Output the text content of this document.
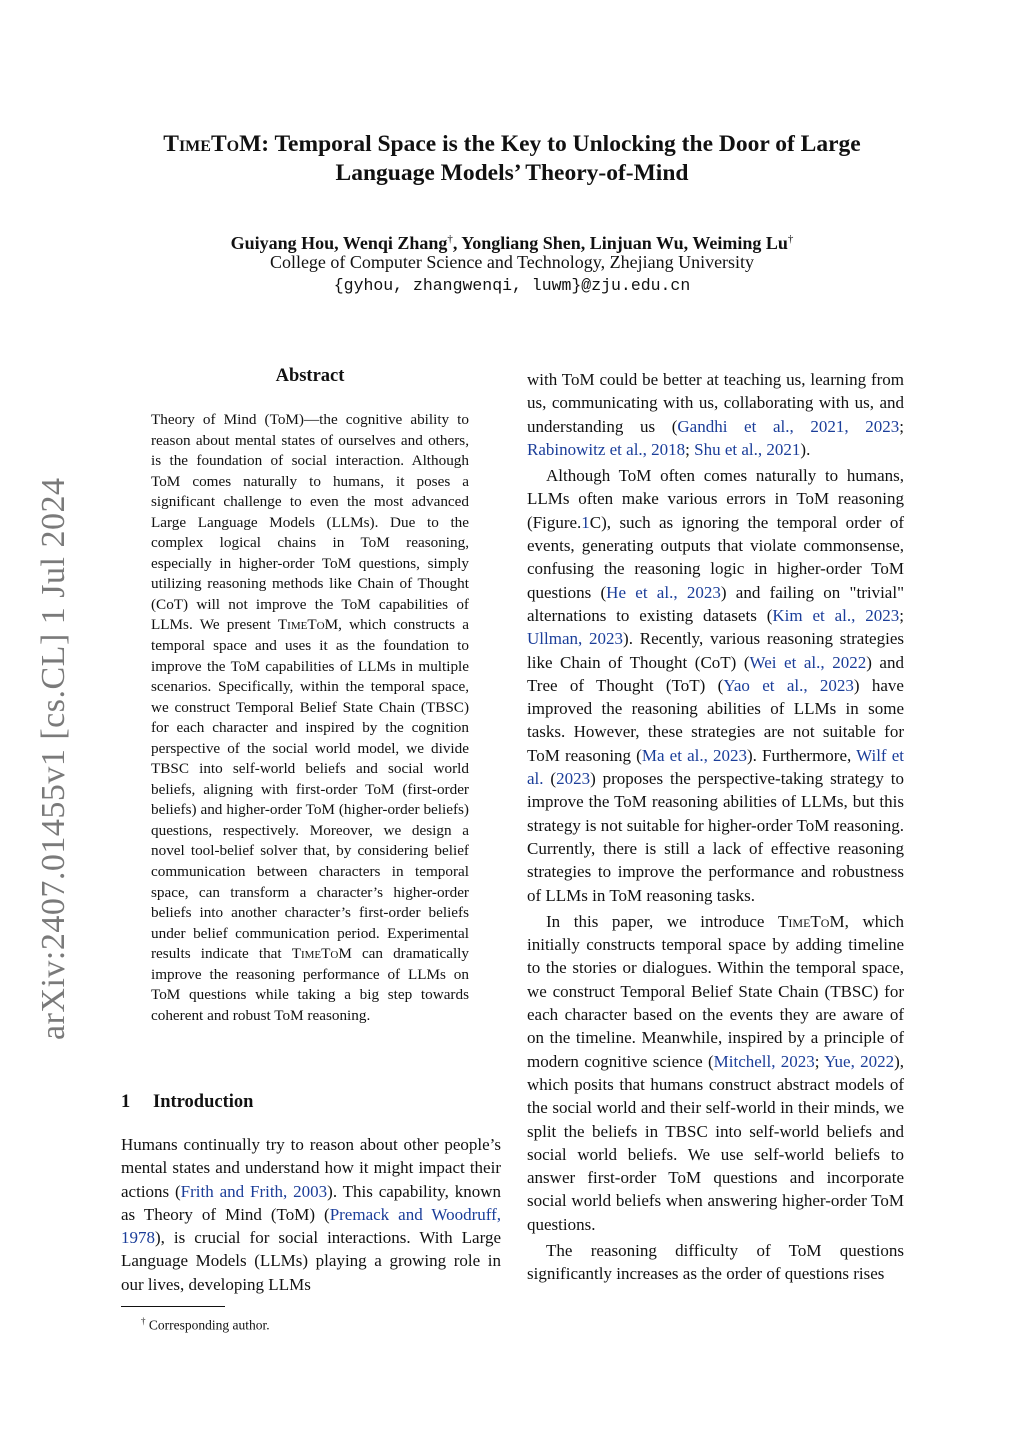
TimeToM: Temporal Space is the Key to Unlocking the Door of Large
Language Models’ Theory-of-Mind
Guiyang Hou, Wenqi Zhang†, Yongliang Shen, Linjuan Wu, Weiming Lu†
College of Computer Science and Technology, Zhejiang University
{gyhou, zhangwenqi, luwm}@zju.edu.cn
arXiv:2407.01455v1 [cs.CL] 1 Jul 2024
Abstract
Theory of Mind (ToM)—the cognitive ability to reason about mental states of ourselves and others, is the foundation of social interaction. Although ToM comes naturally to humans, it poses a significant challenge to even the most advanced Large Language Models (LLMs). Due to the complex logical chains in ToM reasoning, especially in higher-order ToM questions, simply utilizing reasoning methods like Chain of Thought (CoT) will not improve the ToM capabilities of LLMs. We present TimeToM, which constructs a temporal space and uses it as the foundation to improve the ToM capabilities of LLMs in multiple scenarios. Specifically, within the temporal space, we construct Temporal Belief State Chain (TBSC) for each character and inspired by the cognition perspective of the social world model, we divide TBSC into self-world beliefs and social world beliefs, aligning with first-order ToM (first-order beliefs) and higher-order ToM (higher-order beliefs) questions, respectively. Moreover, we design a novel tool-belief solver that, by considering belief communication between characters in temporal space, can transform a character’s higher-order beliefs into another character’s first-order beliefs under belief communication period. Experimental results indicate that TimeToM can dramatically improve the reasoning performance of LLMs on ToM questions while taking a big step towards coherent and robust ToM reasoning.
1 Introduction
Humans continually try to reason about other people’s mental states and understand how it might impact their actions (Frith and Frith, 2003). This capability, known as Theory of Mind (ToM) (Premack and Woodruff, 1978), is crucial for social interactions. With Large Language Models (LLMs) playing a growing role in our lives, developing LLMs
† Corresponding author.

with ToM could be better at teaching us, learning from us, communicating with us, collaborating with us, and understanding us (Gandhi et al., 2021, 2023; Rabinowitz et al., 2018; Shu et al., 2021).

Although ToM often comes naturally to humans, LLMs often make various errors in ToM reasoning (Figure.1C), such as ignoring the temporal order of events, generating outputs that violate commonsense, confusing the reasoning logic in higher-order ToM questions (He et al., 2023) and failing on "trivial" alternations to existing datasets (Kim et al., 2023; Ullman, 2023). Recently, various reasoning strategies like Chain of Thought (CoT) (Wei et al., 2022) and Tree of Thought (ToT) (Yao et al., 2023) have improved the reasoning abilities of LLMs in some tasks. However, these strategies are not suitable for ToM reasoning (Ma et al., 2023). Furthermore, Wilf et al. (2023) proposes the perspective-taking strategy to improve the ToM reasoning abilities of LLMs, but this strategy is not suitable for higher-order ToM reasoning. Currently, there is still a lack of effective reasoning strategies to improve the performance and robustness of LLMs in ToM reasoning tasks.

In this paper, we introduce TimeToM, which initially constructs temporal space by adding timeline to the stories or dialogues. Within the temporal space, we construct Temporal Belief State Chain (TBSC) for each character based on the events they are aware of on the timeline. Meanwhile, inspired by a principle of modern cognitive science (Mitchell, 2023; Yue, 2022), which posits that humans construct abstract models of the social world and their self-world in their minds, we split the beliefs in TBSC into self-world beliefs and social world beliefs. We use self-world beliefs to answer first-order ToM questions and incorporate social world beliefs when answering higher-order ToM questions.

The reasoning difficulty of ToM questions significantly increases as the order of questions rises
